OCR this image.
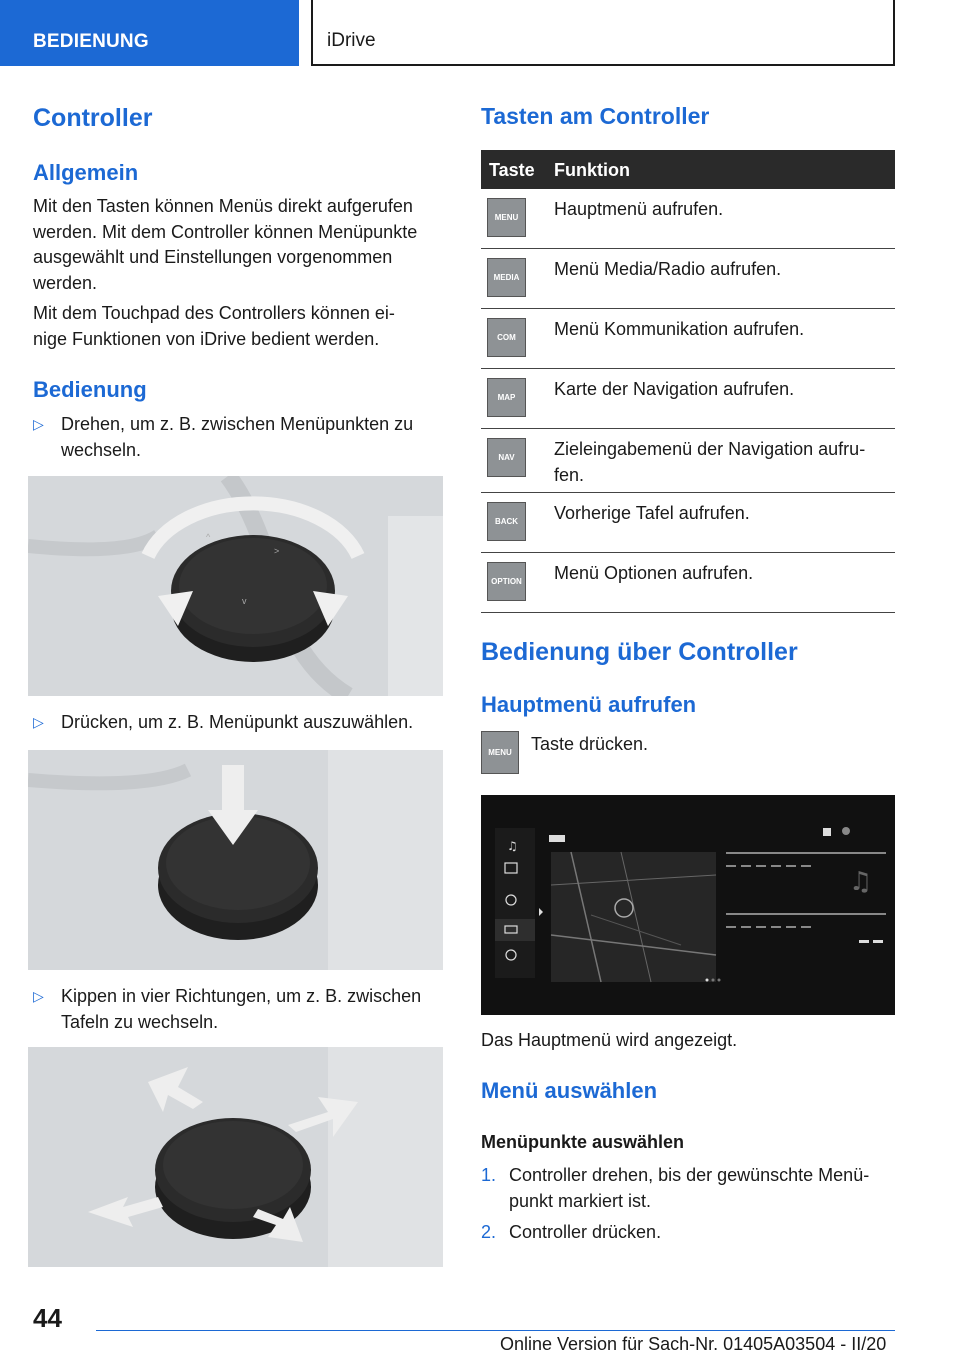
BEDIENUNG	iDrive
Controller
Allgemein
Mit den Tasten können Menüs direkt aufgerufen
werden. Mit dem Controller können Menüpunkte
ausgewählt und Einstellungen vorgenommen
werden.
Mit dem Touchpad des Controllers können ei‐
nige Funktionen von iDrive bedient werden.
Bedienung
▷ Drehen, um z. B. zwischen Menüpunkten zu
wechseln.
^
>
v
▷ Drücken, um z. B. Menüpunkt auszuwählen.
▷ Kippen in vier Richtungen, um z. B. zwischen
Tafeln zu wechseln.
Tasten am Controller
Taste Funktion
MENU	Hauptmenü aufrufen.
MEDIA	Menü Media/Radio aufrufen.
COM	Menü Kommunikation aufrufen.
MAP	Karte der Navigation aufrufen.
NAV	Zieleingabemenü der Navigation aufru‐
fen.
BACK	Vorherige Tafel aufrufen.
OPTION Menü Optionen aufrufen.
Bedienung über Controller
Hauptmenü aufrufen
MENU	Taste drücken.
♫
♫
Das Hauptmenü wird angezeigt.
Menü auswählen
Menüpunkte auswählen
1. Controller drehen, bis der gewünschte Menü‐
punkt markiert ist.
2. Controller drücken.
44
Online Version für Sach-Nr. 01405A03504 - II/20
